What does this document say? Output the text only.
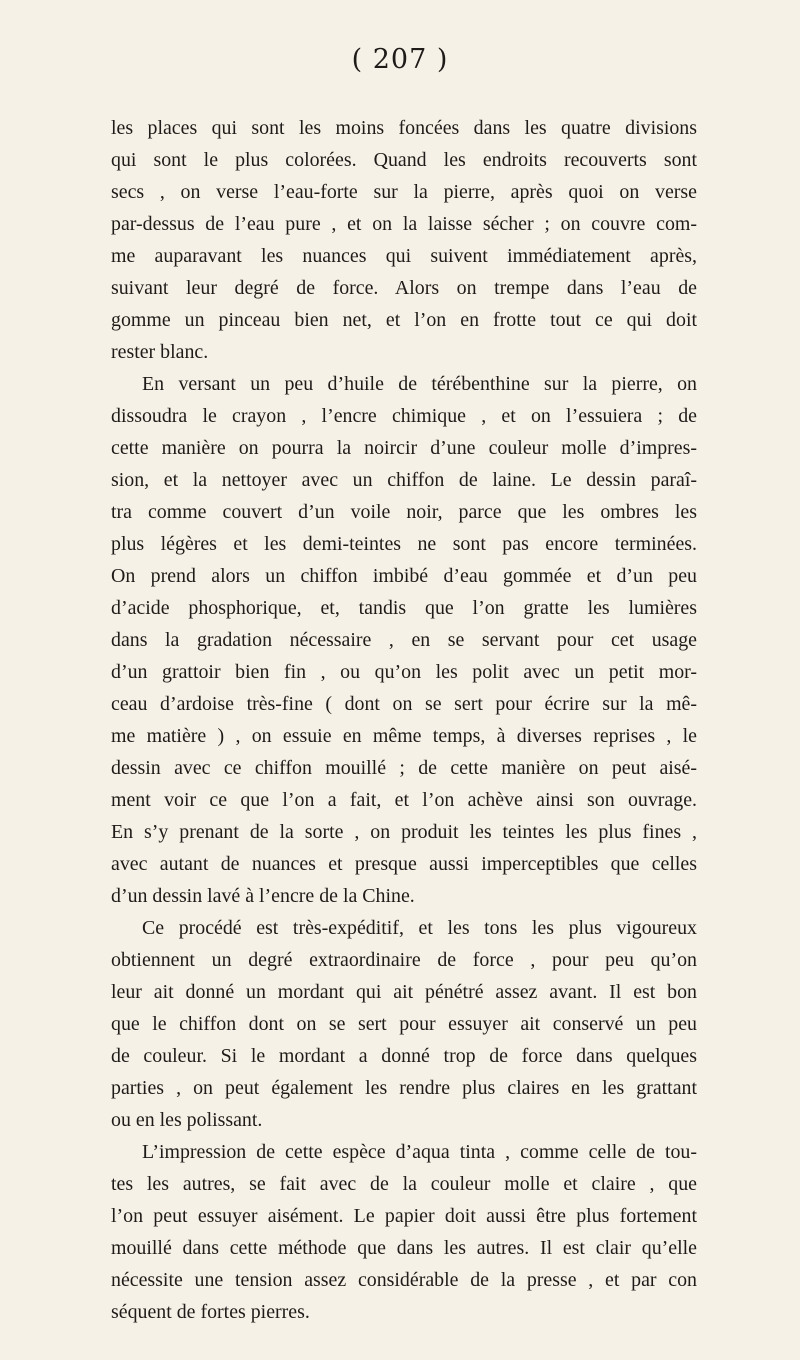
( 207 )
les places qui sont les moins foncées dans les quatre divisions
qui sont le plus colorées. Quand les endroits recouverts sont
secs , on verse l’eau-forte sur la pierre, après quoi on verse
par-dessus de l’eau pure , et on la laisse sécher ; on couvre com-
me auparavant les nuances qui suivent immédiatement après,
suivant leur degré de force. Alors on trempe dans l’eau de
gomme un pinceau bien net, et l’on en frotte tout ce qui doit
rester blanc.
En versant un peu d’huile de térébenthine sur la pierre, on
dissoudra le crayon , l’encre chimique , et on l’essuiera ; de
cette manière on pourra la noircir d’une couleur molle d’impres-
sion, et la nettoyer avec un chiffon de laine. Le dessin paraî-
tra comme couvert d’un voile noir, parce que les ombres les
plus légères et les demi-teintes ne sont pas encore terminées.
On prend alors un chiffon imbibé d’eau gommée et d’un peu
d’acide phosphorique, et, tandis que l’on gratte les lumières
dans la gradation nécessaire , en se servant pour cet usage
d’un grattoir bien fin , ou qu’on les polit avec un petit mor-
ceau d’ardoise très-fine ( dont on se sert pour écrire sur la mê-
me matière ) , on essuie en même temps, à diverses reprises , le
dessin avec ce chiffon mouillé ; de cette manière on peut aisé-
ment voir ce que l’on a fait, et l’on achève ainsi son ouvrage.
En s’y prenant de la sorte , on produit les teintes les plus fines ,
avec autant de nuances et presque aussi imperceptibles que celles
d’un dessin lavé à l’encre de la Chine.
Ce procédé est très-expéditif, et les tons les plus vigoureux
obtiennent un degré extraordinaire de force , pour peu qu’on
leur ait donné un mordant qui ait pénétré assez avant. Il est bon
que le chiffon dont on se sert pour essuyer ait conservé un peu
de couleur. Si le mordant a donné trop de force dans quelques
parties , on peut également les rendre plus claires en les grattant
ou en les polissant.
L’impression de cette espèce d’aqua tinta , comme celle de tou-
tes les autres, se fait avec de la couleur molle et claire , que
l’on peut essuyer aisément. Le papier doit aussi être plus fortement
mouillé dans cette méthode que dans les autres. Il est clair qu’elle
nécessite une tension assez considérable de la presse , et par con
séquent de fortes pierres.
